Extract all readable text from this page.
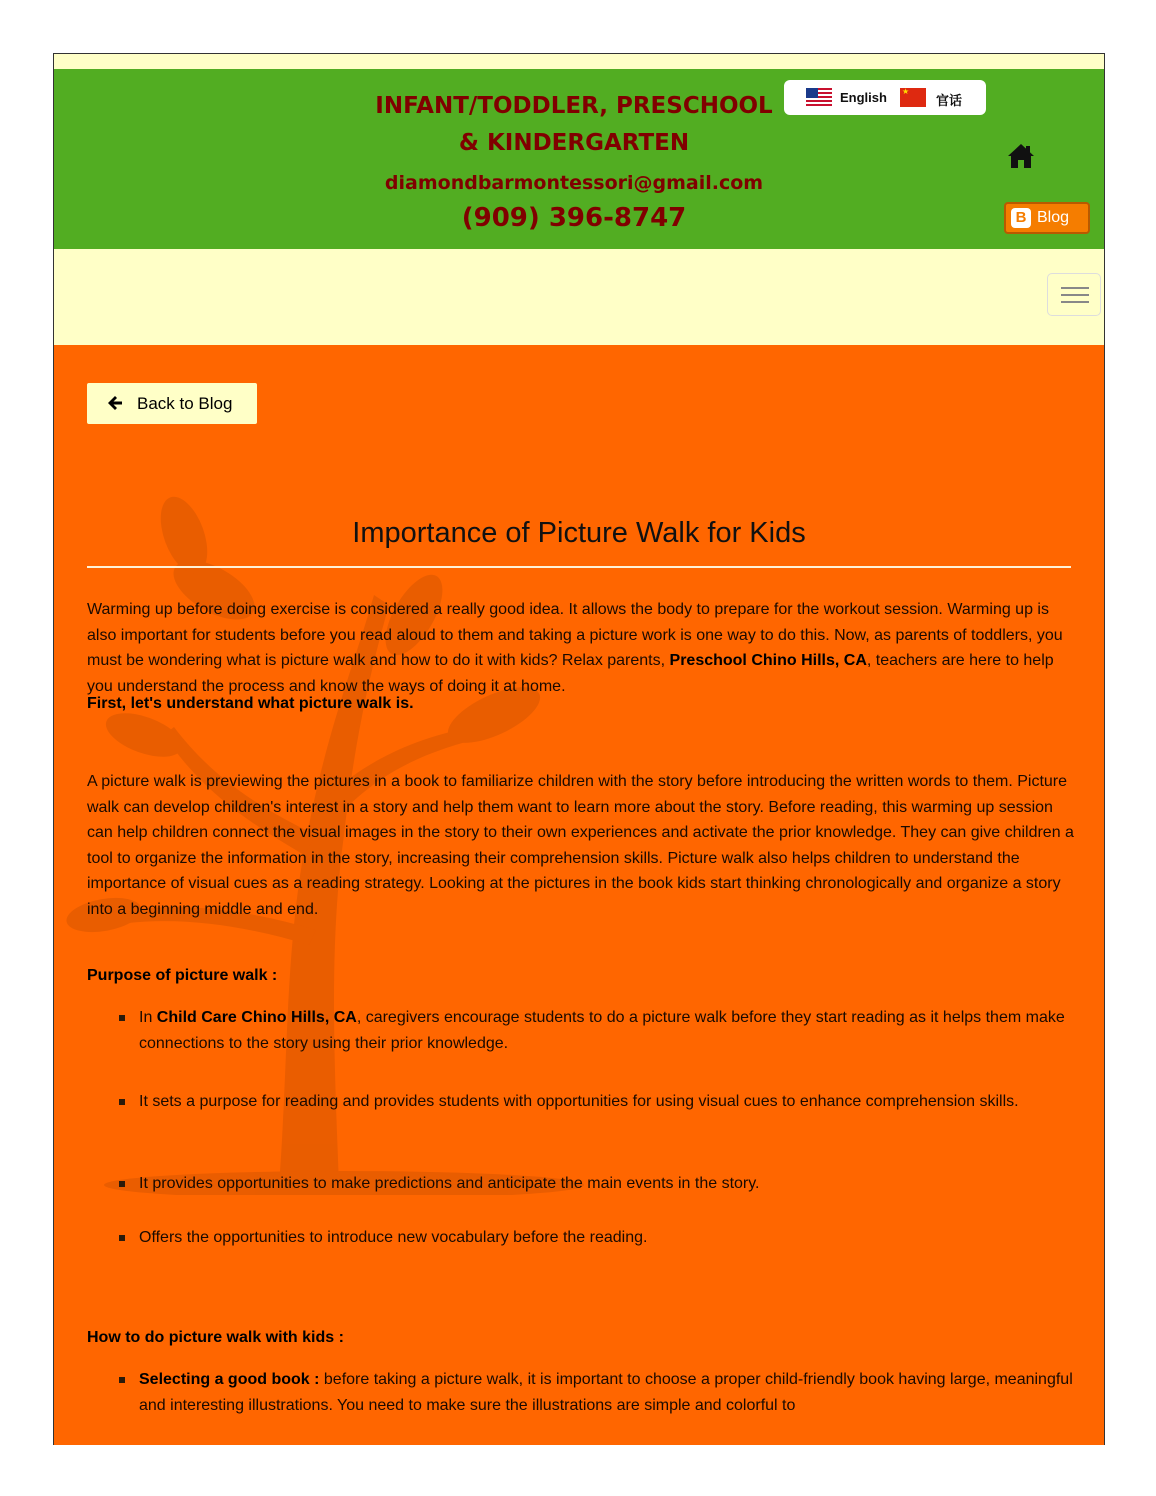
INFANT/TODDLER, PRESCHOOL
& KINDERGARTEN
diamondbarmontessori@gmail.com
(909) 396-8747
English
★	官话
B Blog
Back to Blog
Importance of Picture Walk for Kids

Warming up before doing exercise is considered a really good idea. It allows the body to prepare for the workout session. Warming up is also important for students before you read aloud to them and taking a picture work is one way to do this. Now, as parents of toddlers, you must be wondering what is picture walk and how to do it with kids? Relax parents, Preschool Chino Hills, CA, teachers are here to help you understand the process and know the ways of doing it at home.

First, let's understand what picture walk is.

A picture walk is previewing the pictures in a book to familiarize children with the story before introducing the written words to them. Picture walk can develop children's interest in a story and help them want to learn more about the story. Before reading, this warming up session can help children connect the visual images in the story to their own experiences and activate the prior knowledge. They can give children a tool to organize the information in the story, increasing their comprehension skills. Picture walk also helps children to understand the importance of visual cues as a reading strategy. Looking at the pictures in the book kids start thinking chronologically and organize a story into a beginning middle and end.

Purpose of picture walk :

In Child Care Chino Hills, CA, caregivers encourage students to do a picture walk before they start reading as it helps them make connections to the story using their prior knowledge.
It sets a purpose for reading and provides students with opportunities for using visual cues to enhance comprehension skills.
It provides opportunities to make predictions and anticipate the main events in the story.
Offers the opportunities to introduce new vocabulary before the reading.

How to do picture walk with kids :

Selecting a good book : before taking a picture walk, it is important to choose a proper child-friendly book having large, meaningful and interesting illustrations. You need to make sure the illustrations are simple and colorful to
